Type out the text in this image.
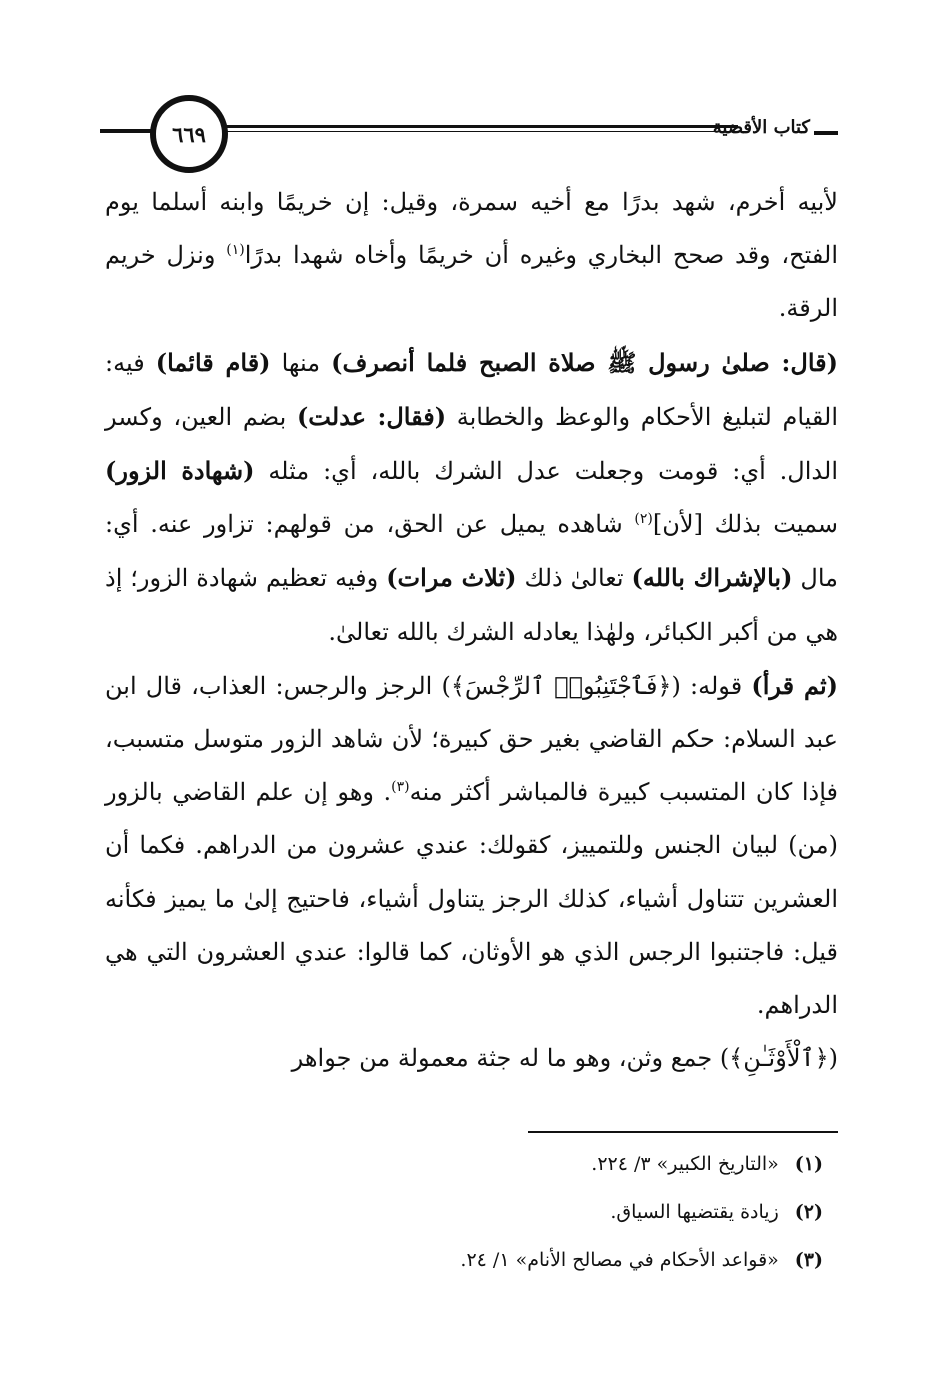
٦٦٩	كتاب الأقضية

لأبيه أخرم، شهد بدرًا مع أخيه سمرة، وقيل: إن خريمًا وابنه أسلما يوم الفتح، وقد صحح البخاري وغيره أن خريمًا وأخاه شهدا بدرًا$^{(١)}$ ونزل خريم الرقة.

(قال: صلىٰ رسول ﷺ صلاة الصبح فلما أنصرف) منها (قام قائما) فيه: القيام لتبليغ الأحكام والوعظ والخطابة (فقال: عدلت) بضم العين، وكسر الدال. أي: قومت وجعلت عدل الشرك بالله، أي: مثله (شهادة الزور) سميت بذلك [لأن]$^{(٢)}$ شاهده يميل عن الحق، من قولهم: تزاور عنه. أي: مال (بالإشراك بالله) تعالىٰ ذلك (ثلاث مرات) وفيه تعظيم شهادة الزور؛ إذ هي من أكبر الكبائر، ولهٰذا يعادله الشرك بالله تعالىٰ.

(ثم قرأ) قوله: (﴿فَٱجْتَنِبُوا۟ ٱلرِّجْسَ﴾) الرجز والرجس: العذاب، قال ابن عبد السلام: حكم القاضي بغير حق كبيرة؛ لأن شاهد الزور متوسل متسبب، فإذا كان المتسبب كبيرة فالمباشر أكثر منه$^{(٣)}$. وهو إن علم القاضي بالزور (من) لبيان الجنس وللتمييز، كقولك: عندي عشرون من الدراهم. فكما أن العشرين تتناول أشياء، كذلك الرجز يتناول أشياء، فاحتيج إلىٰ ما يميز فكأنه قيل: فاجتنبوا الرجس الذي هو الأوثان، كما قالوا: عندي العشرون التي هي الدراهم.

(﴿ٱلْأَوْثَـٰنِ﴾) جمع وثن، وهو ما له جثة معمولة من جواهر

(١)«التاريخ الكبير» ٣/ ٢٢٤.
(٢)زيادة يقتضيها السياق.
(٣)«قواعد الأحكام في مصالح الأنام» ١/ ٢٤.
